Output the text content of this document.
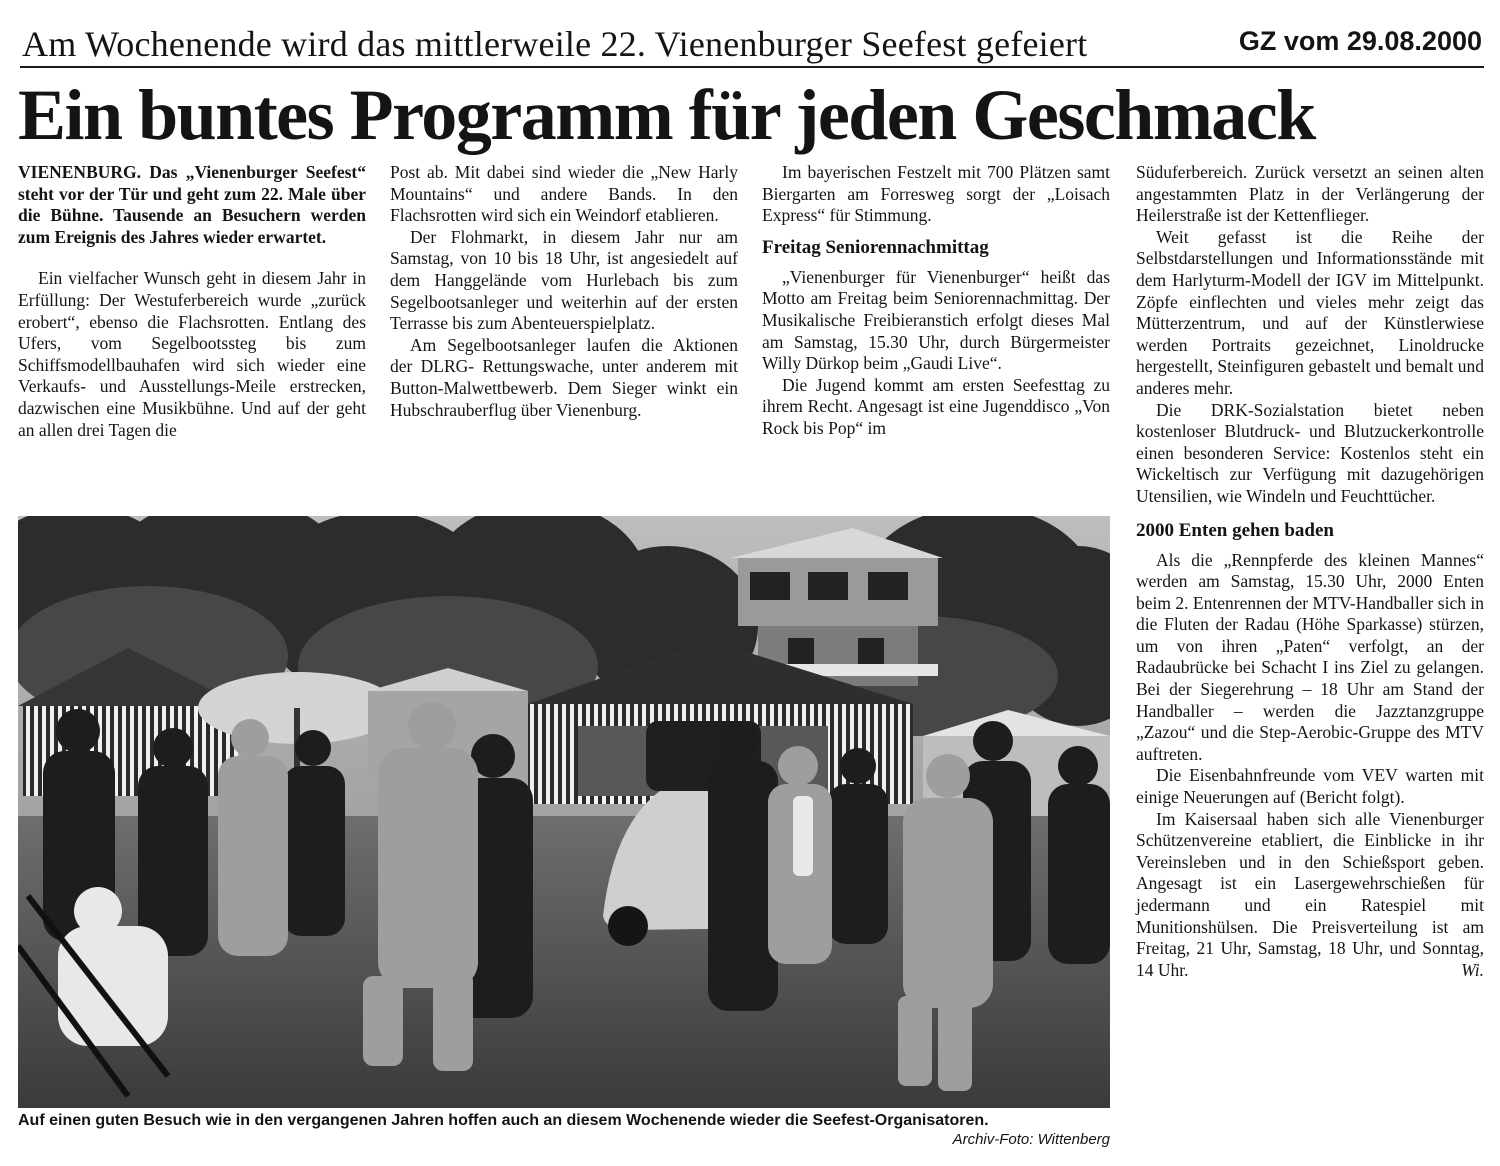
Am Wochenende wird das mittlerweile 22. Vienenburger Seefest gefeiert	GZ vom 29.08.2000
Ein buntes Programm für jeden Geschmack

VIENENBURG. Das „Vienenburger Seefest“ steht vor der Tür und geht zum 22. Male über die Bühne. Tausende an Besuchern werden zum Ereignis des Jahres wieder erwartet.

Ein vielfacher Wunsch geht in diesem Jahr in Erfüllung: Der Westuferbereich wurde „zurück erobert“, ebenso die Flachsrotten. Entlang des Ufers, vom Segelbootssteg bis zum Schiffsmodellbauhafen wird sich wieder eine Verkaufs- und Ausstellungs-Meile erstrecken, dazwischen eine Musikbühne. Und auf der geht an allen drei Tagen die

Post ab. Mit dabei sind wieder die „New Harly Mountains“ und andere Bands. In den Flachsrotten wird sich ein Weindorf etablieren.

Der Flohmarkt, in diesem Jahr nur am Samstag, von 10 bis 18 Uhr, ist angesiedelt auf dem Hanggelände vom Hurlebach bis zum Segelbootsanleger und weiterhin auf der ersten Terrasse bis zum Abenteuerspielplatz.

Am Segelbootsanleger laufen die Aktionen der DLRG- Rettungswache, unter anderem mit Button-Malwettbewerb. Dem Sieger winkt ein Hubschrauberflug über Vienenburg.

Im bayerischen Festzelt mit 700 Plätzen samt Biergarten am Forresweg sorgt der „Loisach Express“ für Stimmung.

Freitag Seniorennachmittag

„Vienenburger für Vienenburger“ heißt das Motto am Freitag beim Seniorennachmittag. Der Musikalische Freibieranstich erfolgt dieses Mal am Samstag, 15.30 Uhr, durch Bürgermeister Willy Dürkop beim „Gaudi Live“.

Die Jugend kommt am ersten Seefesttag zu ihrem Recht. Angesagt ist eine Jugenddisco „Von Rock bis Pop“ im

Süduferbereich. Zurück versetzt an seinen alten angestammten Platz in der Verlängerung der Heilerstraße ist der Kettenflieger.

Weit gefasst ist die Reihe der Selbstdarstellungen und Informationsstände mit dem Harlyturm-Modell der IGV im Mittelpunkt. Zöpfe einflechten und vieles mehr zeigt das Mütterzentrum, und auf der Künstlerwiese werden Portraits gezeichnet, Linoldrucke hergestellt, Steinfiguren gebastelt und bemalt und anderes mehr.

Die DRK-Sozialstation bietet neben kostenloser Blutdruck- und Blutzuckerkontrolle einen besonderen Service: Kostenlos steht ein Wickeltisch zur Verfügung mit dazugehörigen Utensilien, wie Windeln und Feuchttücher.

2000 Enten gehen baden

Als die „Rennpferde des kleinen Mannes“ werden am Samstag, 15.30 Uhr, 2000 Enten beim 2. Entenrennen der MTV-Handballer sich in die Fluten der Radau (Höhe Sparkasse) stürzen, um von ihren „Paten“ verfolgt, an der Radaubrücke bei Schacht I ins Ziel zu gelangen. Bei der Siegerehrung – 18 Uhr am Stand der Handballer – werden die Jazztanzgruppe „Zazou“ und die Step-Aerobic-Gruppe des MTV auftreten.

Die Eisenbahnfreunde vom VEV warten mit einige Neuerungen auf (Bericht folgt).

Im Kaisersaal haben sich alle Vienenburger Schützenvereine etabliert, die Einblicke in ihr Vereinsleben und in den Schießsport geben. Angesagt ist ein Lasergewehrschießen für jedermann und ein Ratespiel mit Munitionshülsen. Die Preisverteilung ist am Freitag, 21 Uhr, Samstag, 18 Uhr, und Sonntag, 14 Uhr.	Wi.
Auf einen guten Besuch wie in den vergangenen Jahren hoffen auch an diesem Wochenende wieder die Seefest-Organisatoren.
Archiv-Foto: Wittenberg
